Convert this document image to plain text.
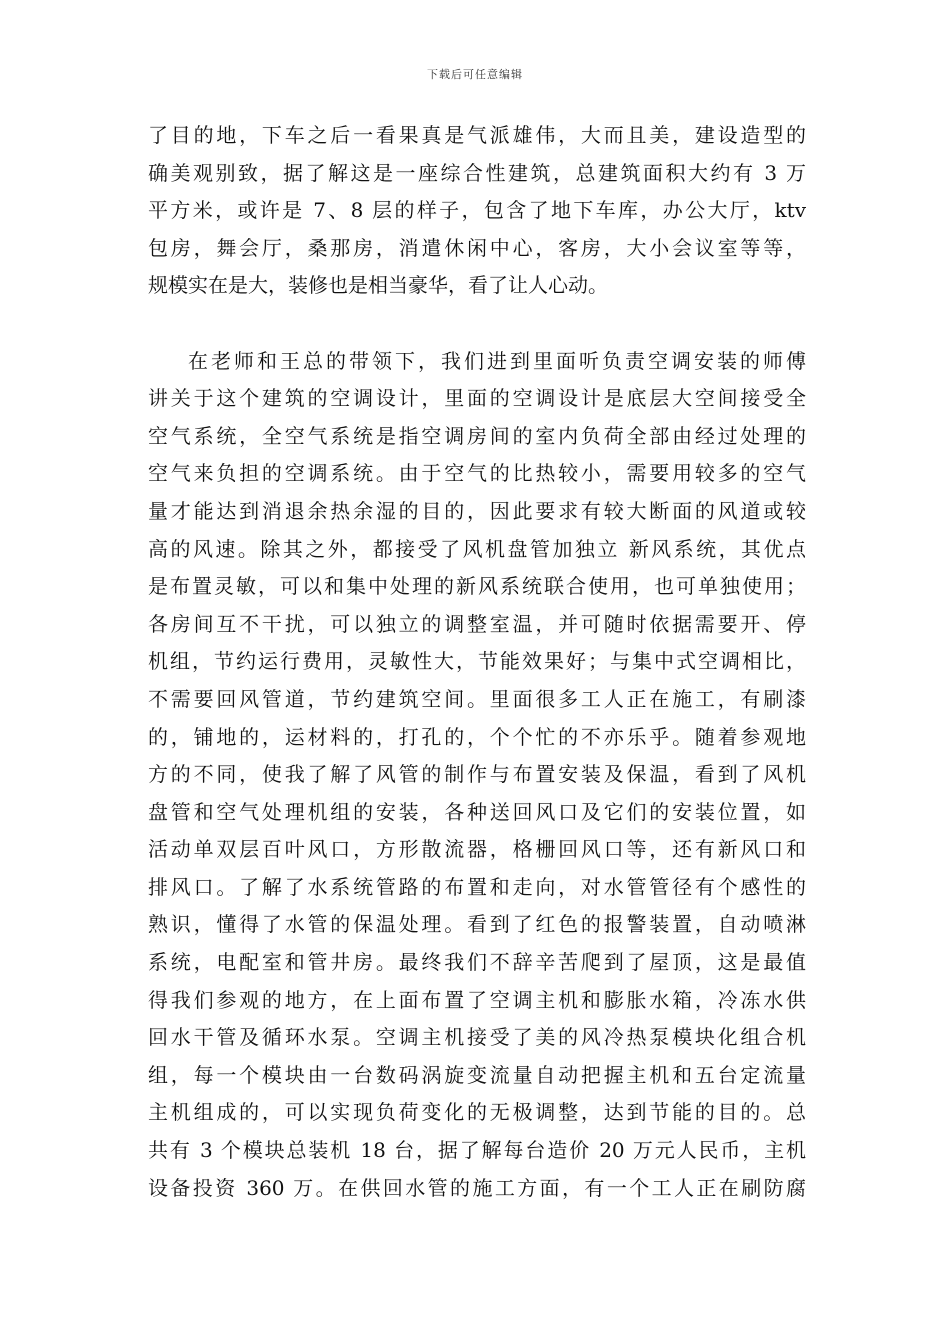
下载后可任意编辑

了目的地，下车之后一看果真是气派雄伟，大而且美，建设造型的

确美观别致，据了解这是一座综合性建筑，总建筑面积大约有 3 万

平方米，或许是 7、8 层的样子，包含了地下车库，办公大厅，ktv

包房，舞会厅，桑那房，消遣休闲中心，客房，大小会议室等等，

规模实在是大，装修也是相当豪华，看了让人心动。

在老师和王总的带领下，我们进到里面听负责空调安装的师傅

讲关于这个建筑的空调设计，里面的空调设计是底层大空间接受全

空气系统，全空气系统是指空调房间的室内负荷全部由经过处理的

空气来负担的空调系统。由于空气的比热较小，需要用较多的空气

量才能达到消退余热余湿的目的，因此要求有较大断面的风道或较

高的风速。除其之外，都接受了风机盘管加独立 新风系统，其优点

是布置灵敏，可以和集中处理的新风系统联合使用，也可单独使用；

各房间互不干扰，可以独立的调整室温，并可随时依据需要开、停

机组，节约运行费用，灵敏性大，节能效果好；与集中式空调相比，

不需要回风管道，节约建筑空间。里面很多工人正在施工，有刷漆

的，铺地的，运材料的，打孔的，个个忙的不亦乐乎。随着参观地

方的不同，使我了解了风管的制作与布置安装及保温，看到了风机

盘管和空气处理机组的安装，各种送回风口及它们的安装位置，如

活动单双层百叶风口，方形散流器，格栅回风口等，还有新风口和

排风口。了解了水系统管路的布置和走向，对水管管径有个感性的

熟识，懂得了水管的保温处理。看到了红色的报警装置，自动喷淋

系统，电配室和管井房。最终我们不辞辛苦爬到了屋顶，这是最值

得我们参观的地方，在上面布置了空调主机和膨胀水箱，冷冻水供

回水干管及循环水泵。空调主机接受了美的风冷热泵模块化组合机

组，每一个模块由一台数码涡旋变流量自动把握主机和五台定流量

主机组成的，可以实现负荷变化的无极调整，达到节能的目的。总

共有 3 个模块总装机 18 台，据了解每台造价 20 万元人民币，主机

设备投资 360 万。在供回水管的施工方面，有一个工人正在刷防腐
